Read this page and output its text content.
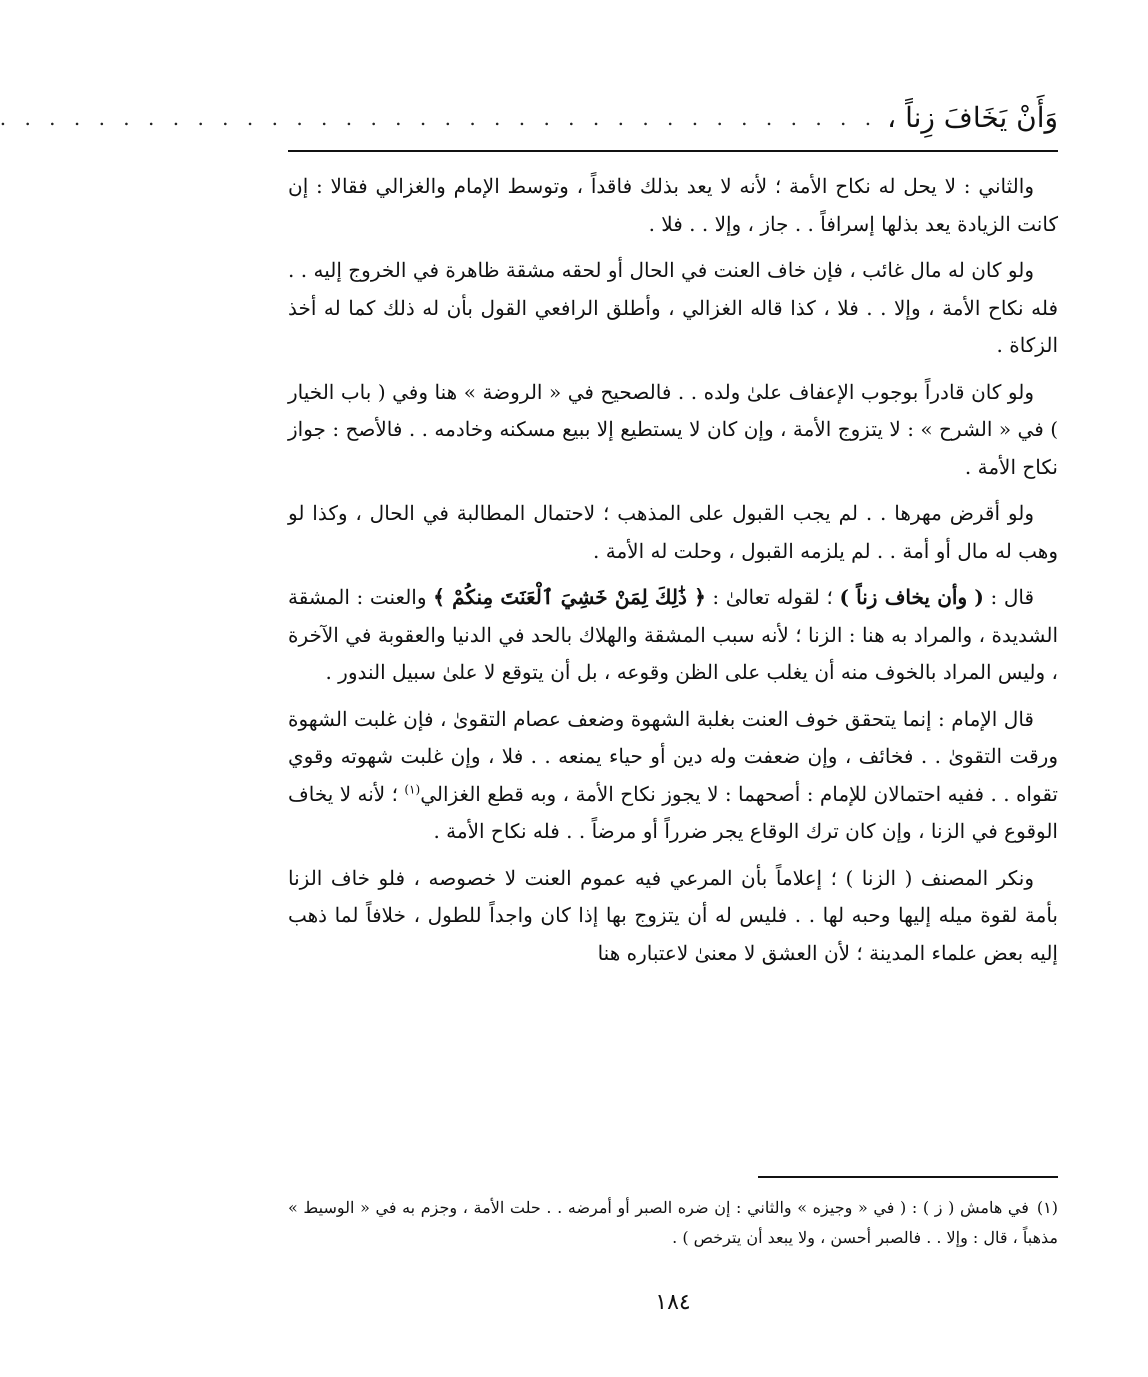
وَأَنْ يَخَافَ زِناً ،
. . . . . . . . . . . . . . . . . . . . . . . . . . . . . . . . . . . .

والثاني : لا يحل له نكاح الأمة ؛ لأنه لا يعد بذلك فاقداً ، وتوسط الإمام والغزالي فقالا : إن كانت الزيادة يعد بذلها إسرافاً . . جاز ، وإلا . . فلا .

ولو كان له مال غائب ، فإن خاف العنت في الحال أو لحقه مشقة ظاهرة في الخروج إليه . . فله نكاح الأمة ، وإلا . . فلا ، كذا قاله الغزالي ، وأطلق الرافعي القول بأن له ذلك كما له أخذ الزكاة .

ولو كان قادراً بوجوب الإعفاف علىٰ ولده . . فالصحيح في « الروضة » هنا وفي ( باب الخيار ) في « الشرح » : لا يتزوج الأمة ، وإن كان لا يستطيع إلا ببيع مسكنه وخادمه . . فالأصح : جواز نكاح الأمة .

ولو أقرض مهرها . . لم يجب القبول على المذهب ؛ لاحتمال المطالبة في الحال ، وكذا لو وهب له مال أو أمة . . لم يلزمه القبول ، وحلت له الأمة .

قال : ( وأن يخاف زناً ) ؛ لقوله تعالىٰ : ﴿ ذَٰلِكَ لِمَنْ خَشِيَ ٱلْعَنَتَ مِنكُمْ ﴾ والعنت : المشقة الشديدة ، والمراد به هنا : الزنا ؛ لأنه سبب المشقة والهلاك بالحد في الدنيا والعقوبة في الآخرة ، وليس المراد بالخوف منه أن يغلب على الظن وقوعه ، بل أن يتوقع لا علىٰ سبيل الندور .

قال الإمام : إنما يتحقق خوف العنت بغلبة الشهوة وضعف عصام التقوىٰ ، فإن غلبت الشهوة ورقت التقوىٰ . . فخائف ، وإن ضعفت وله دين أو حياء يمنعه . . فلا ، وإن غلبت شهوته وقوي تقواه . . ففيه احتمالان للإمام : أصحهما : لا يجوز نكاح الأمة ، وبه قطع الغزالي$^{(١)}$ ؛ لأنه لا يخاف الوقوع في الزنا ، وإن كان ترك الوقاع يجر ضرراً أو مرضاً . . فله نكاح الأمة .

ونكر المصنف ( الزنا ) ؛ إعلاماً بأن المرعي فيه عموم العنت لا خصوصه ، فلو خاف الزنا بأمة لقوة ميله إليها وحبه لها . . فليس له أن يتزوج بها إذا كان واجداً للطول ، خلافاً لما ذهب إليه بعض علماء المدينة ؛ لأن العشق لا معنىٰ لاعتباره هنا

(١)في هامش ( ز ) : ( في « وجيزه » والثاني : إن ضره الصبر أو أمرضه . . حلت الأمة ، وجزم به في « الوسيط » مذهباً ، قال : وإلا . . فالصبر أحسن ، ولا يبعد أن يترخص ) .
١٨٤
